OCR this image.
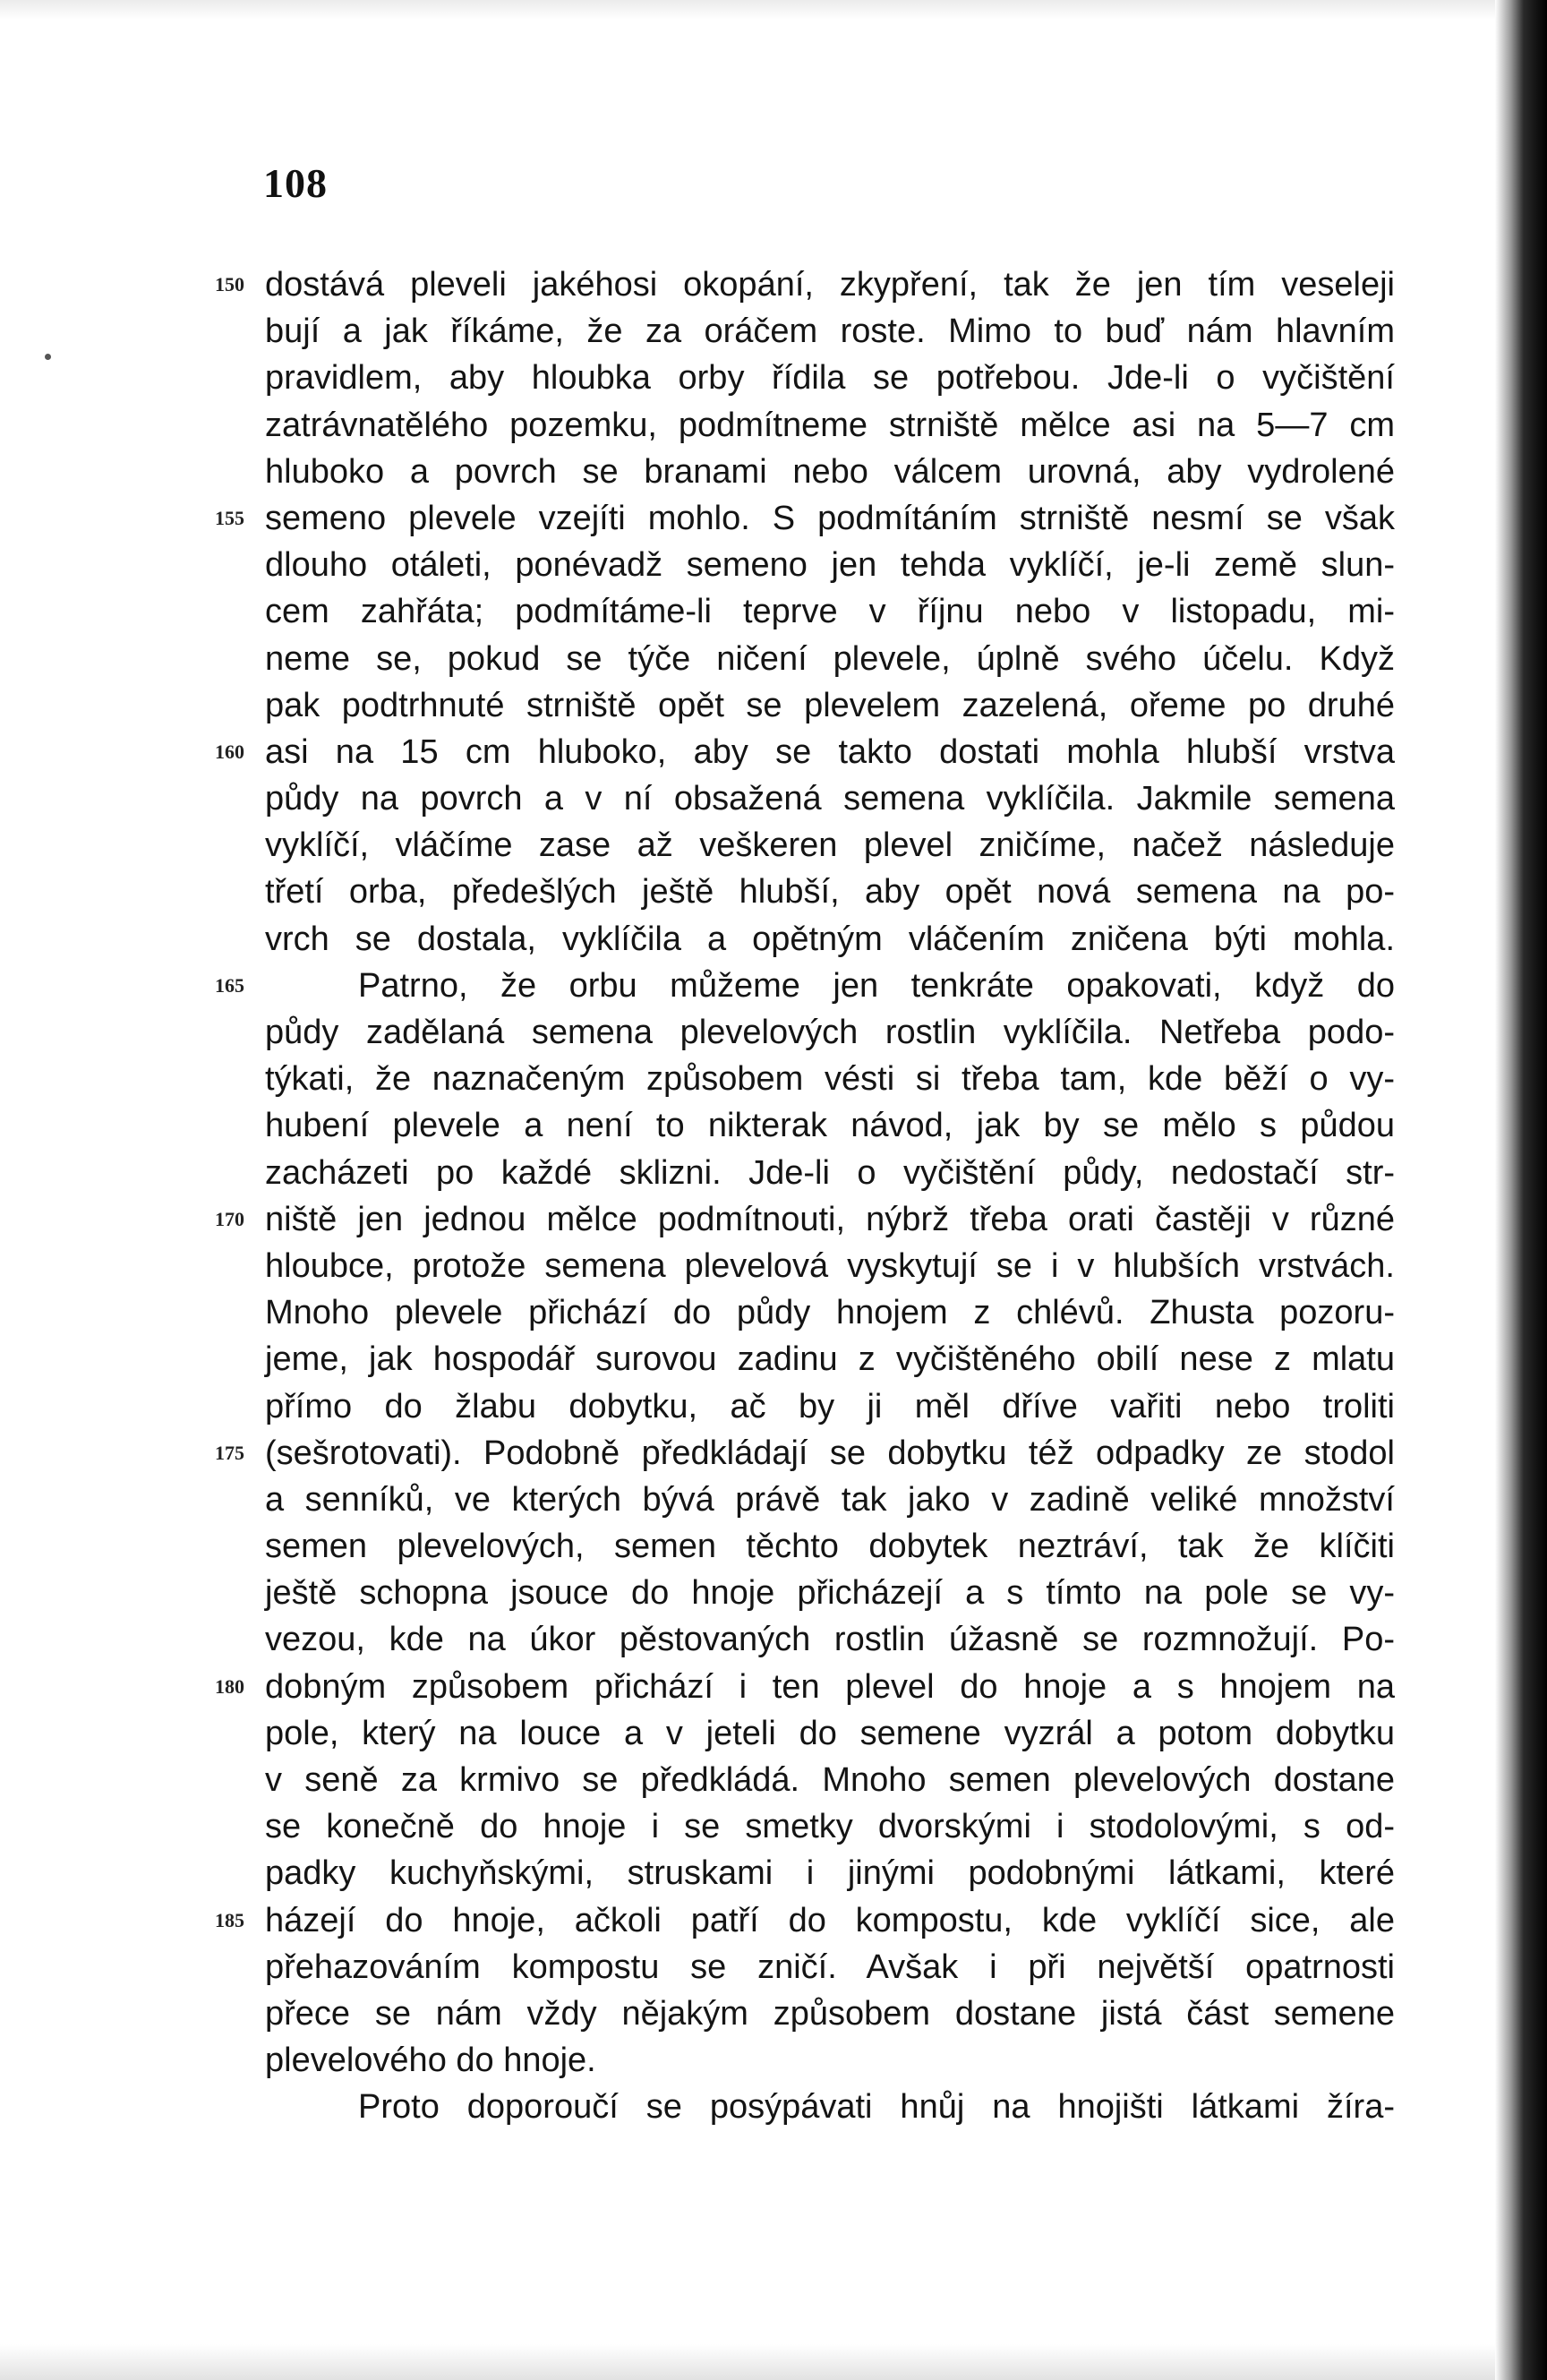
108
150 dostává pleveli jakéhosi okopání, zkypření, tak že jen tím veseleji
bují a jak říkáme, že za oráčem roste. Mimo to buď nám hlavním
pravidlem, aby hloubka orby řídila se potřebou. Jde-li o vyčištění
zatrávnatělého pozemku, podmítneme strniště mělce asi na 5—7 cm
hluboko a povrch se branami nebo válcem urovná, aby vydrolené
155 semeno plevele vzejíti mohlo. S podmítáním strniště nesmí se však
dlouho otáleti, ponévadž semeno jen tehda vyklíčí, je-li země slun-
cem zahřáta; podmítáme-li teprve v říjnu nebo v listopadu, mi-
neme se, pokud se týče ničení plevele, úplně svého účelu. Když
pak podtrhnuté strniště opět se plevelem zazelená, ořeme po druhé
160 asi na 15 cm hluboko, aby se takto dostati mohla hlubší vrstva
půdy na povrch a v ní obsažená semena vyklíčila. Jakmile semena
vyklíčí, vláčíme zase až veškeren plevel zničíme, načež následuje
třetí orba, předešlých ještě hlubší, aby opět nová semena na po-
vrch se dostala, vyklíčila a opětným vláčením zničena býti mohla.
165	Patrno, že orbu můžeme jen tenkráte opakovati, když do
půdy zadělaná semena plevelových rostlin vyklíčila. Netřeba podo-
týkati, že naznačeným způsobem vésti si třeba tam, kde běží o vy-
hubení plevele a není to nikterak návod, jak by se mělo s půdou
zacházeti po každé sklizni. Jde-li o vyčištění půdy, nedostačí str-
170 niště jen jednou mělce podmítnouti, nýbrž třeba orati častěji v různé
hloubce, protože semena plevelová vyskytují se i v hlubších vrstvách.
Mnoho plevele přichází do půdy hnojem z chlévů. Zhusta pozoru-
jeme, jak hospodář surovou zadinu z vyčištěného obilí nese z mlatu
přímo do žlabu dobytku, ač by ji měl dříve vařiti nebo troliti
175 (sešrotovati). Podobně předkládají se dobytku též odpadky ze stodol
a senníků, ve kterých bývá právě tak jako v zadině veliké množství
semen plevelových, semen těchto dobytek neztráví, tak že klíčiti
ještě schopna jsouce do hnoje přicházejí a s tímto na pole se vy-
vezou, kde na úkor pěstovaných rostlin úžasně se rozmnožují. Po-
180 dobným způsobem přichází i ten plevel do hnoje a s hnojem na
pole, který na louce a v jeteli do semene vyzrál a potom dobytku
v seně za krmivo se předkládá. Mnoho semen plevelových dostane
se konečně do hnoje i se smetky dvorskými i stodolovými, s od-
padky kuchyňskými, struskami i jinými podobnými látkami, které
185 házejí do hnoje, ačkoli patří do kompostu, kde vyklíčí sice, ale
přehazováním kompostu se zničí. Avšak i při největší opatrnosti
přece se nám vždy nějakým způsobem dostane jistá část semene
plevelového do hnoje.
Proto doporoučí se posýpávati hnůj na hnojišti látkami žíra-
